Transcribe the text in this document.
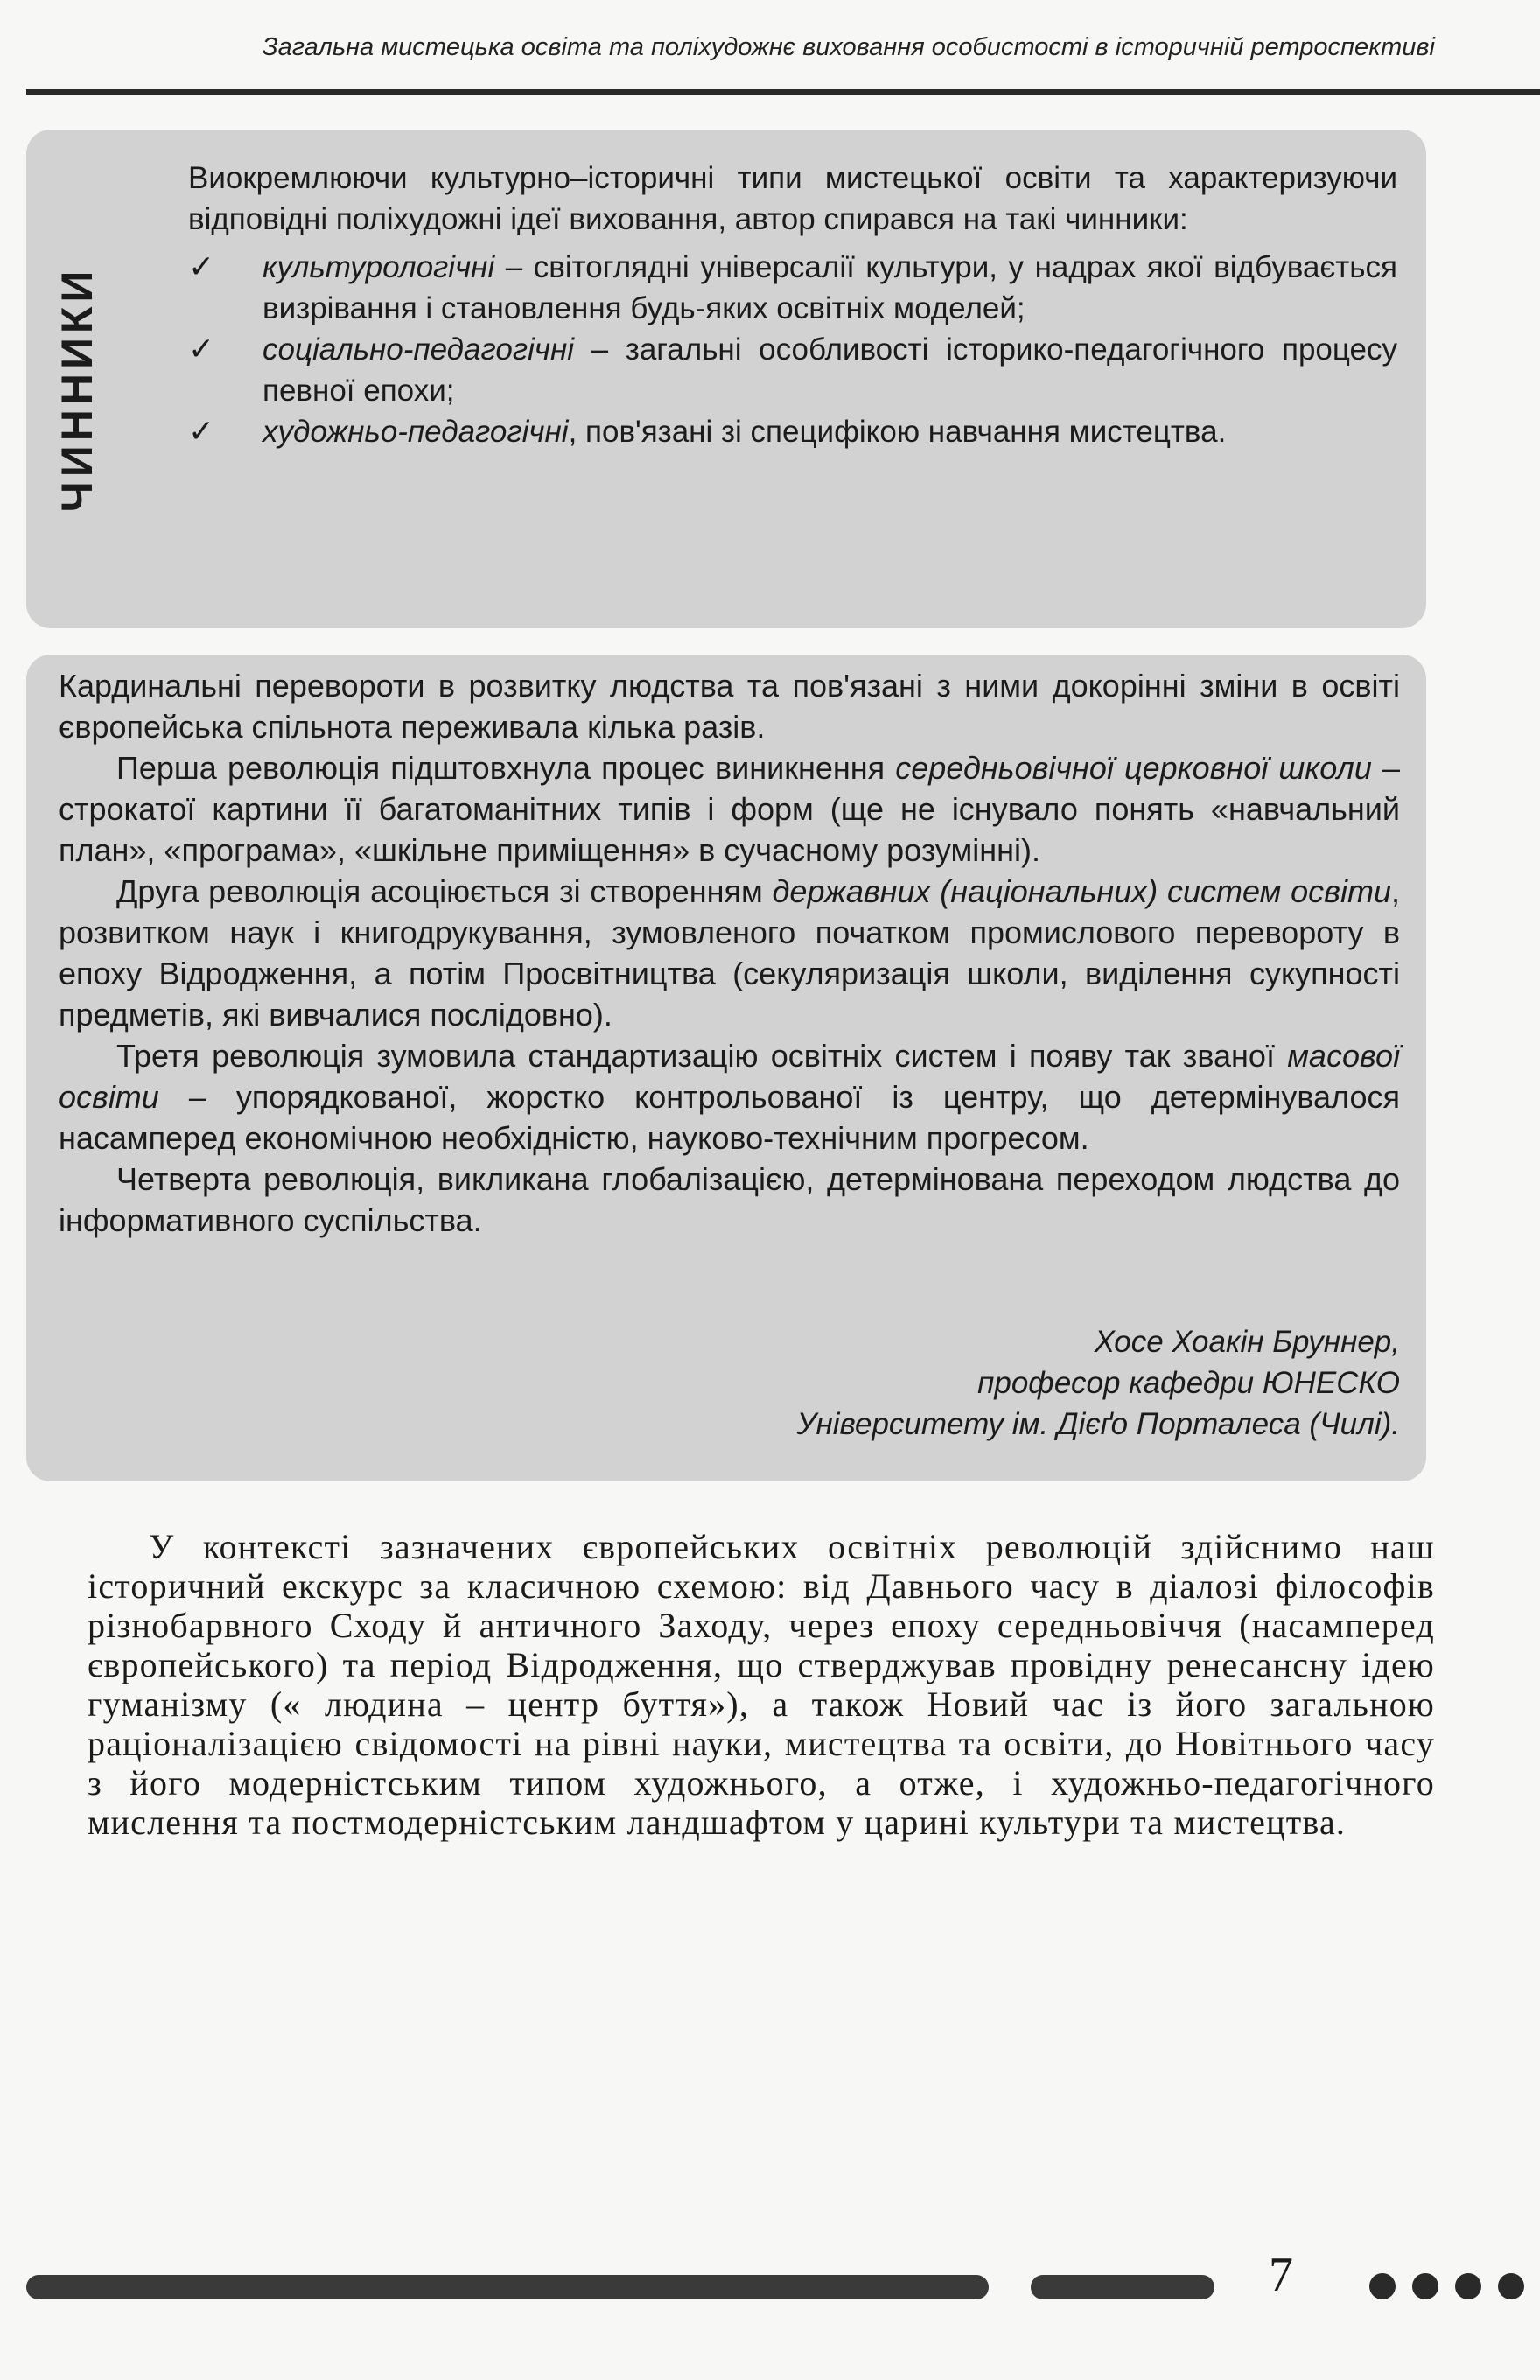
Загальна мистецька освіта та поліхудожнє виховання особистості в історичній ретроспективі
ЧИННИКИ

Виокремлюючи культурно–історичні типи мистецької освіти та характеризуючи відповідні поліхудожні ідеї виховання, автор спирався на такі чинники:

✓ культурологічні – світоглядні універсалії культури, у надрах якої відбувається визрівання і становлення будь-яких освітніх моделей;
✓ соціально-педагогічні – загальні особливості історико-педагогічного процесу певної епохи;
✓ художньо-педагогічні, пов'язані зі специфікою навчання мистецтва.

Кардинальні перевороти в розвитку людства та пов'язані з ними докорінні зміни в освіті європейська спільнота переживала кілька разів.

Перша революція підштовхнула процес виникнення середньовічної церковної школи – строкатої картини її багатоманітних типів і форм (ще не існувало понять «навчальний план», «програма», «шкільне приміщення» в сучасному розумінні).

Друга революція асоціюється зі створенням державних (національних) систем освіти, розвитком наук і книгодрукування, зумовленого початком промислового перевороту в епоху Відродження, а потім Просвітництва (секуляризація школи, виділення сукупності предметів, які вивчалися послідовно).

Третя революція зумовила стандартизацію освітніх систем і появу так званої масової освіти – упорядкованої, жорстко контрольованої із центру, що детермінувалося насамперед економічною необхідністю, науково-технічним прогресом.

Четверта революція, викликана глобалізацією, детермінована переходом людства до інформативного суспільства.

Хосе Хоакін Бруннер,
професор кафедри ЮНЕСКО
Університету ім. Дієґо Порталеса (Чилі).

У контексті зазначених європейських освітніх революцій здійснимо наш історичний екскурс за класичною схемою: від Давнього часу в діалозі філософів різнобарвного Сходу й античного Заходу, через епоху середньовіччя (насамперед європейського) та період Відродження, що стверджував провідну ренесансну ідею гуманізму (« людина – центр буття»), а також Новий час із його загальною раціоналізацією свідомості на рівні науки, мистецтва та освіти, до Новітнього часу з його модерністським типом художнього, а отже, і художньо-педагогічного мислення та постмодерністським ландшафтом у царині культури та мистецтва.

7
